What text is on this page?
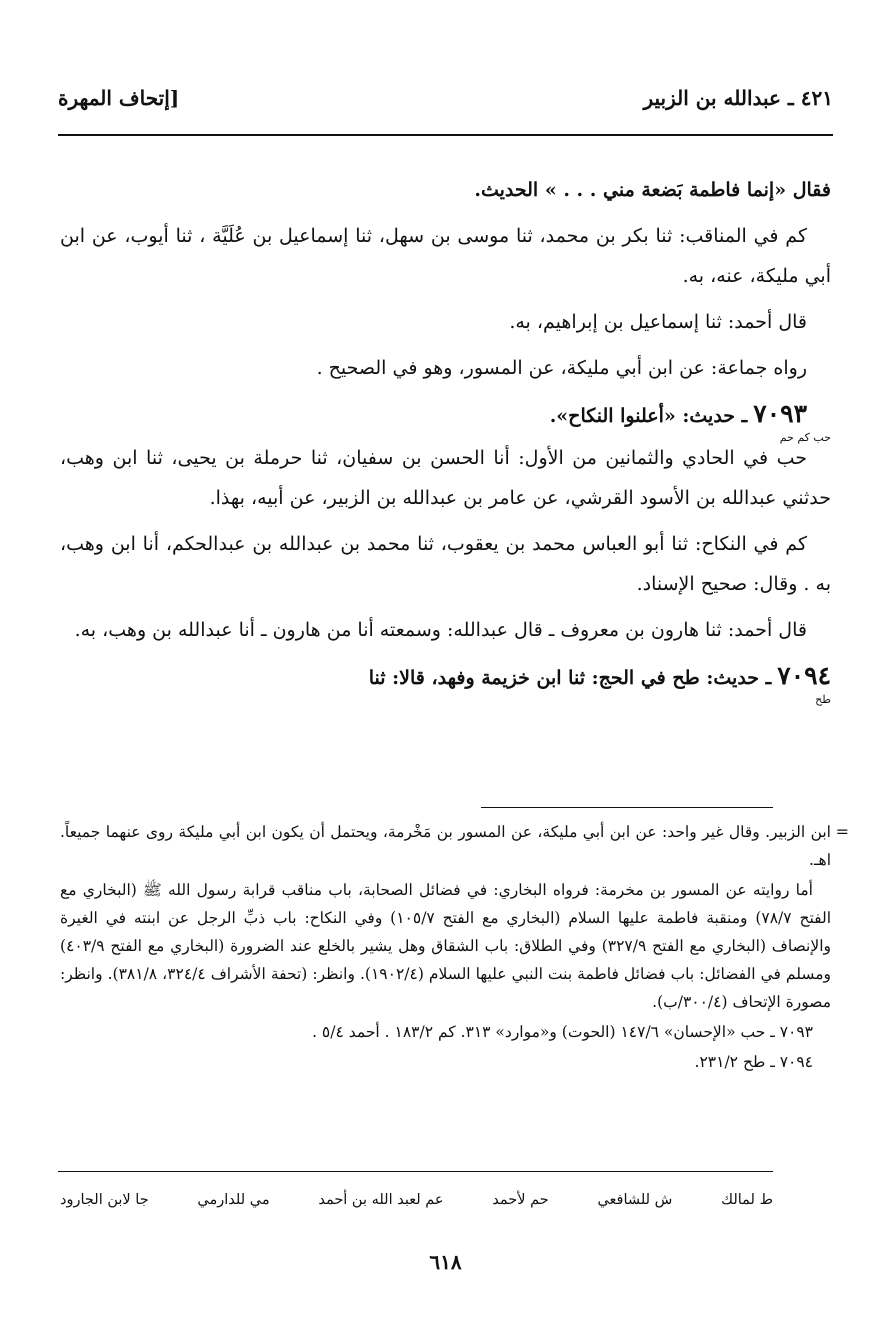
٤٢١ ـ عبدالله بن الزبير
[إتحاف المهرة

فقال «إنما فاطمة بَضعة مني . . . » الحديث.

كم في المناقب: ثنا بكر بن محمد، ثنا موسى بن سهل، ثنا إسماعيل بن عُلَيَّة ، ثنا أيوب، عن ابن أبي مليكة، عنه، به.

قال أحمد: ثنا إسماعيل بن إبراهيم، به.

رواه جماعة: عن ابن أبي مليكة، عن المسور، وهو في الصحيح .

٧٠٩٣ ـ حديث: «أعلنوا النكاح».

حب كم حم

حب في الحادي والثمانين من الأول: أنا الحسن بن سفيان، ثنا حرملة بن يحيى، ثنا ابن وهب، حدثني عبدالله بن الأسود القرشي، عن عامر بن عبدالله بن الزبير، عن أبيه، بهذا.

كم في النكاح: ثنا أبو العباس محمد بن يعقوب، ثنا محمد بن عبدالله بن عبدالحكم، أنا ابن وهب، به . وقال: صحيح الإسناد.

قال أحمد: ثنا هارون بن معروف ـ قال عبدالله: وسمعته أنا من هارون ـ أنا عبدالله بن وهب، به.

٧٠٩٤ ـ حديث: طح في الحج: ثنا ابن خزيمة وفهد، قالا: ثنا

طح
=

ابن الزبير. وقال غير واحد: عن ابن أبي مليكة، عن المسور بن مَخْرمة، ويحتمل أن يكون ابن أبي مليكة روى عنهما جميعاً. اهـ.

أما روايته عن المسور بن مخرمة: فرواه البخاري: في فضائل الصحابة، باب مناقب قرابة رسول الله ﷺ (البخاري مع الفتح ٧٨/٧) ومنقبة فاطمة عليها السلام (البخاري مع الفتح ١٠٥/٧) وفي النكاح: باب ذبِّ الرجل عن ابنته في الغيرة والإنصاف (البخاري مع الفتح ٣٢٧/٩) وفي الطلاق: باب الشقاق وهل يشير بالخلع عند الضرورة (البخاري مع الفتح ٤٠٣/٩) ومسلم في الفضائل: باب فضائل فاطمة بنت النبي عليها السلام (١٩٠٢/٤). وانظر: (تحفة الأشراف ٣٢٤/٤، ٣٨١/٨). وانظر: مصورة الإتحاف (٣٠٠/٤/ب).

٧٠٩٣ ـ حب «الإحسان» ١٤٧/٦ (الحوت) و«موارد» ٣١٣. كم ١٨٣/٢ . أحمد ٥/٤ .

٧٠٩٤ ـ طح ٢٣١/٢.

ط لمالك
ش للشافعي
حم لأحمد
عم لعبد الله بن أحمد
مي للدارمي
جا لابن الجارود
٦١٨
